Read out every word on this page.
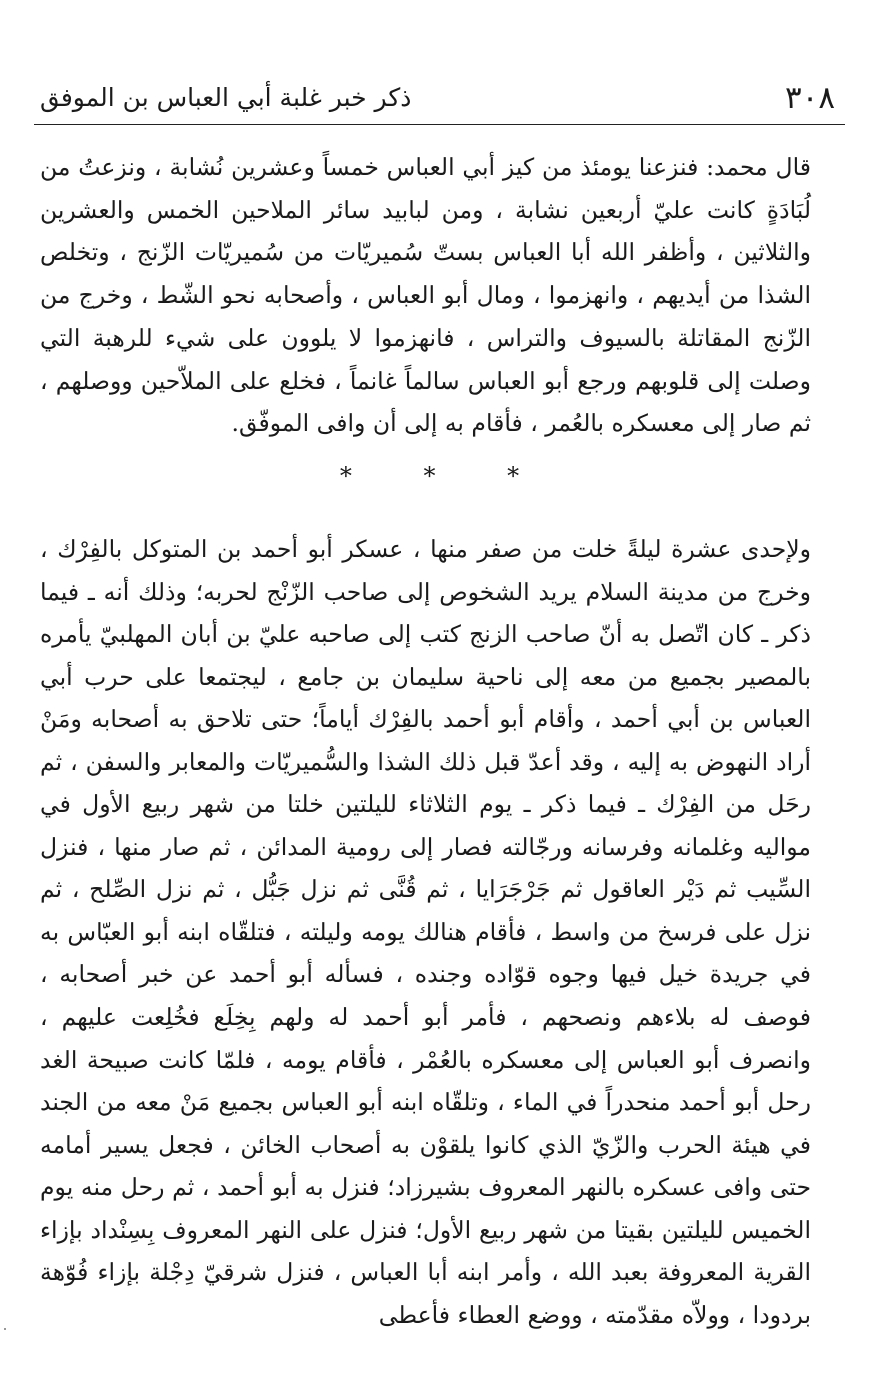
٣٠٨
ذكر خبر غلبة أبي العباس بن الموفق

قال محمد: فنزعنا يومئذ من كيز أبي العباس خمساً وعشرين نُشابة ، ونزعتُ من لُبَادَةٍ كانت عليّ أربعين نشابة ، ومن لبابيد سائر الملاحين الخمس والعشرين والثلاثين ، وأظفر الله أبا العباس بستّ سُميريّات من سُميريّات الزّنج ، وتخلص الشذا من أيديهم ، وانهزموا ، ومال أبو العباس ، وأصحابه نحو الشّط ، وخرج من الزّنج المقاتلة بالسيوف والتراس ، فانهزموا لا يلوون على شيء للرهبة التي وصلت إلى قلوبهم ورجع أبو العباس سالماً غانماً ، فخلع على الملاّحين ووصلهم ، ثم صار إلى معسكره بالعُمر ، فأقام به إلى أن وافى الموفّق.

* * *

ولإحدى عشرة ليلةً خلت من صفر منها ، عسكر أبو أحمد بن المتوكل بالفِرْك ، وخرج من مدينة السلام يريد الشخوص إلى صاحب الزّنْج لحربه؛ وذلك أنه ـ فيما ذكر ـ كان اتّصل به أنّ صاحب الزنج كتب إلى صاحبه عليّ بن أبان المهلبيّ يأمره بالمصير بجميع من معه إلى ناحية سليمان بن جامع ، ليجتمعا على حرب أبي العباس بن أبي أحمد ، وأقام أبو أحمد بالفِرْك أياماً؛ حتى تلاحق به أصحابه ومَنْ أراد النهوض به إليه ، وقد أعدّ قبل ذلك الشذا والسُّميريّات والمعابر والسفن ، ثم رحَل من الفِرْك ـ فيما ذكر ـ يوم الثلاثاء لليلتين خلتا من شهر ربيع الأول في مواليه وغلمانه وفرسانه ورجّالته فصار إلى رومية المدائن ، ثم صار منها ، فنزل السِّيب ثم دَيْر العاقول ثم جَرْجَرَايا ، ثم قُنَّى ثم نزل جَبُّل ، ثم نزل الصِّلح ، ثم نزل على فرسخ من واسط ، فأقام هنالك يومه وليلته ، فتلقّاه ابنه أبو العبّاس به في جريدة خيل فيها وجوه قوّاده وجنده ، فسأله أبو أحمد عن خبر أصحابه ، فوصف له بلاءهم ونصحهم ، فأمر أبو أحمد له ولهم بِخِلَع فخُلِعت عليهم ، وانصرف أبو العباس إلى معسكره بالعُمْر ، فأقام يومه ، فلمّا كانت صبيحة الغد رحل أبو أحمد منحدراً في الماء ، وتلقّاه ابنه أبو العباس بجميع مَنْ معه من الجند في هيئة الحرب والزّيّ الذي كانوا يلقوْن به أصحاب الخائن ، فجعل يسير أمامه حتى وافى عسكره بالنهر المعروف بشيرزاد؛ فنزل به أبو أحمد ، ثم رحل منه يوم الخميس لليلتين بقيتا من شهر ربيع الأول؛ فنزل على النهر المعروف بِسِنْداد بإزاء القرية المعروفة بعبد الله ، وأمر ابنه أبا العباس ، فنزل شرقيّ دِجْلة بإزاء فُوّهة بردودا ، وولاّه مقدّمته ، ووضع العطاء فأعطى
